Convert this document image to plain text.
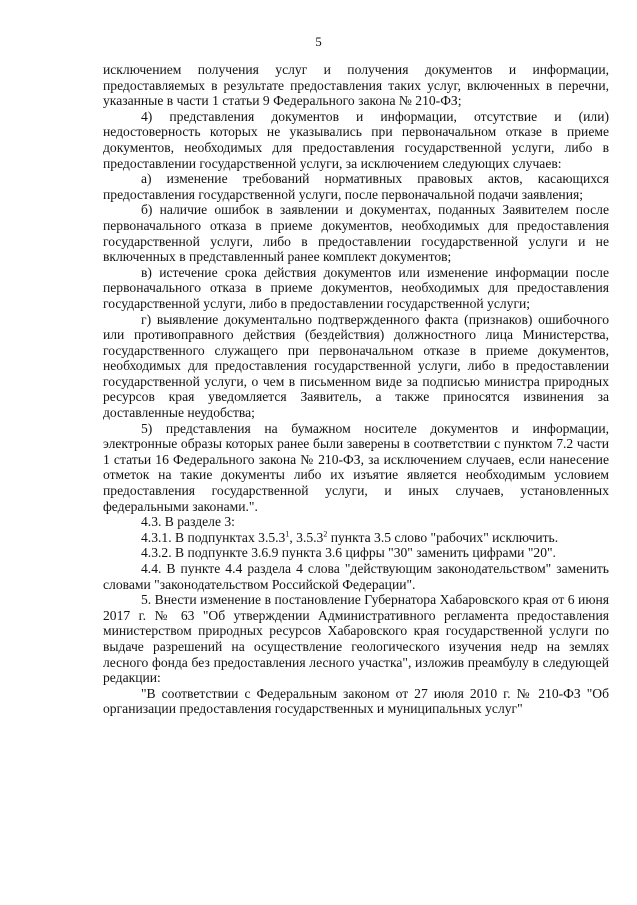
5

исключением получения услуг и получения документов и информации, предоставляемых в результате предоставления таких услуг, включенных в перечни, указанные в части 1 статьи 9 Федерального закона № 210-ФЗ;

4) представления документов и информации, отсутствие и (или) недостоверность которых не указывались при первоначальном отказе в приеме документов, необходимых для предоставления государственной услуги, либо в предоставлении государственной услуги, за исключением следующих случаев:

а) изменение требований нормативных правовых актов, касающихся предоставления государственной услуги, после первоначальной подачи заявления;

б) наличие ошибок в заявлении и документах, поданных Заявителем после первоначального отказа в приеме документов, необходимых для предоставления государственной услуги, либо в предоставлении государственной услуги и не включенных в представленный ранее комплект документов;

в) истечение срока действия документов или изменение информации после первоначального отказа в приеме документов, необходимых для предоставления государственной услуги, либо в предоставлении государственной услуги;

г) выявление документально подтвержденного факта (признаков) ошибочного или противоправного действия (бездействия) должностного лица Министерства, государственного служащего при первоначальном отказе в приеме документов, необходимых для предоставления государственной услуги, либо в предоставлении государственной услуги, о чем в письменном виде за подписью министра природных ресурсов края уведомляется Заявитель, а также приносятся извинения за доставленные неудобства;

5) представления на бумажном носителе документов и информации, электронные образы которых ранее были заверены в соответствии с пунктом 7.2 части 1 статьи 16 Федерального закона № 210-ФЗ, за исключением случаев, если нанесение отметок на такие документы либо их изъятие является необходимым условием предоставления государственной услуги, и иных случаев, установленных федеральными законами.".

4.3. В разделе 3:

4.3.1. В подпунктах 3.5.3$^1$, 3.5.3$^2$ пункта 3.5 слово "рабочих" исключить.

4.3.2. В подпункте 3.6.9 пункта 3.6 цифры "30" заменить цифрами "20".

4.4. В пункте 4.4 раздела 4 слова "действующим законодательством" заменить словами "законодательством Российской Федерации".

5. Внести изменение в постановление Губернатора Хабаровского края от 6 июня 2017 г. № 63 "Об утверждении Административного регламента предоставления министерством природных ресурсов Хабаровского края государственной услуги по выдаче разрешений на осуществление геологического изучения недр на землях лесного фонда без предоставления лесного участка", изложив преамбулу в следующей редакции:

"В соответствии с Федеральным законом от 27 июля 2010 г. № 210-ФЗ "Об организации предоставления государственных и муниципальных услуг"
